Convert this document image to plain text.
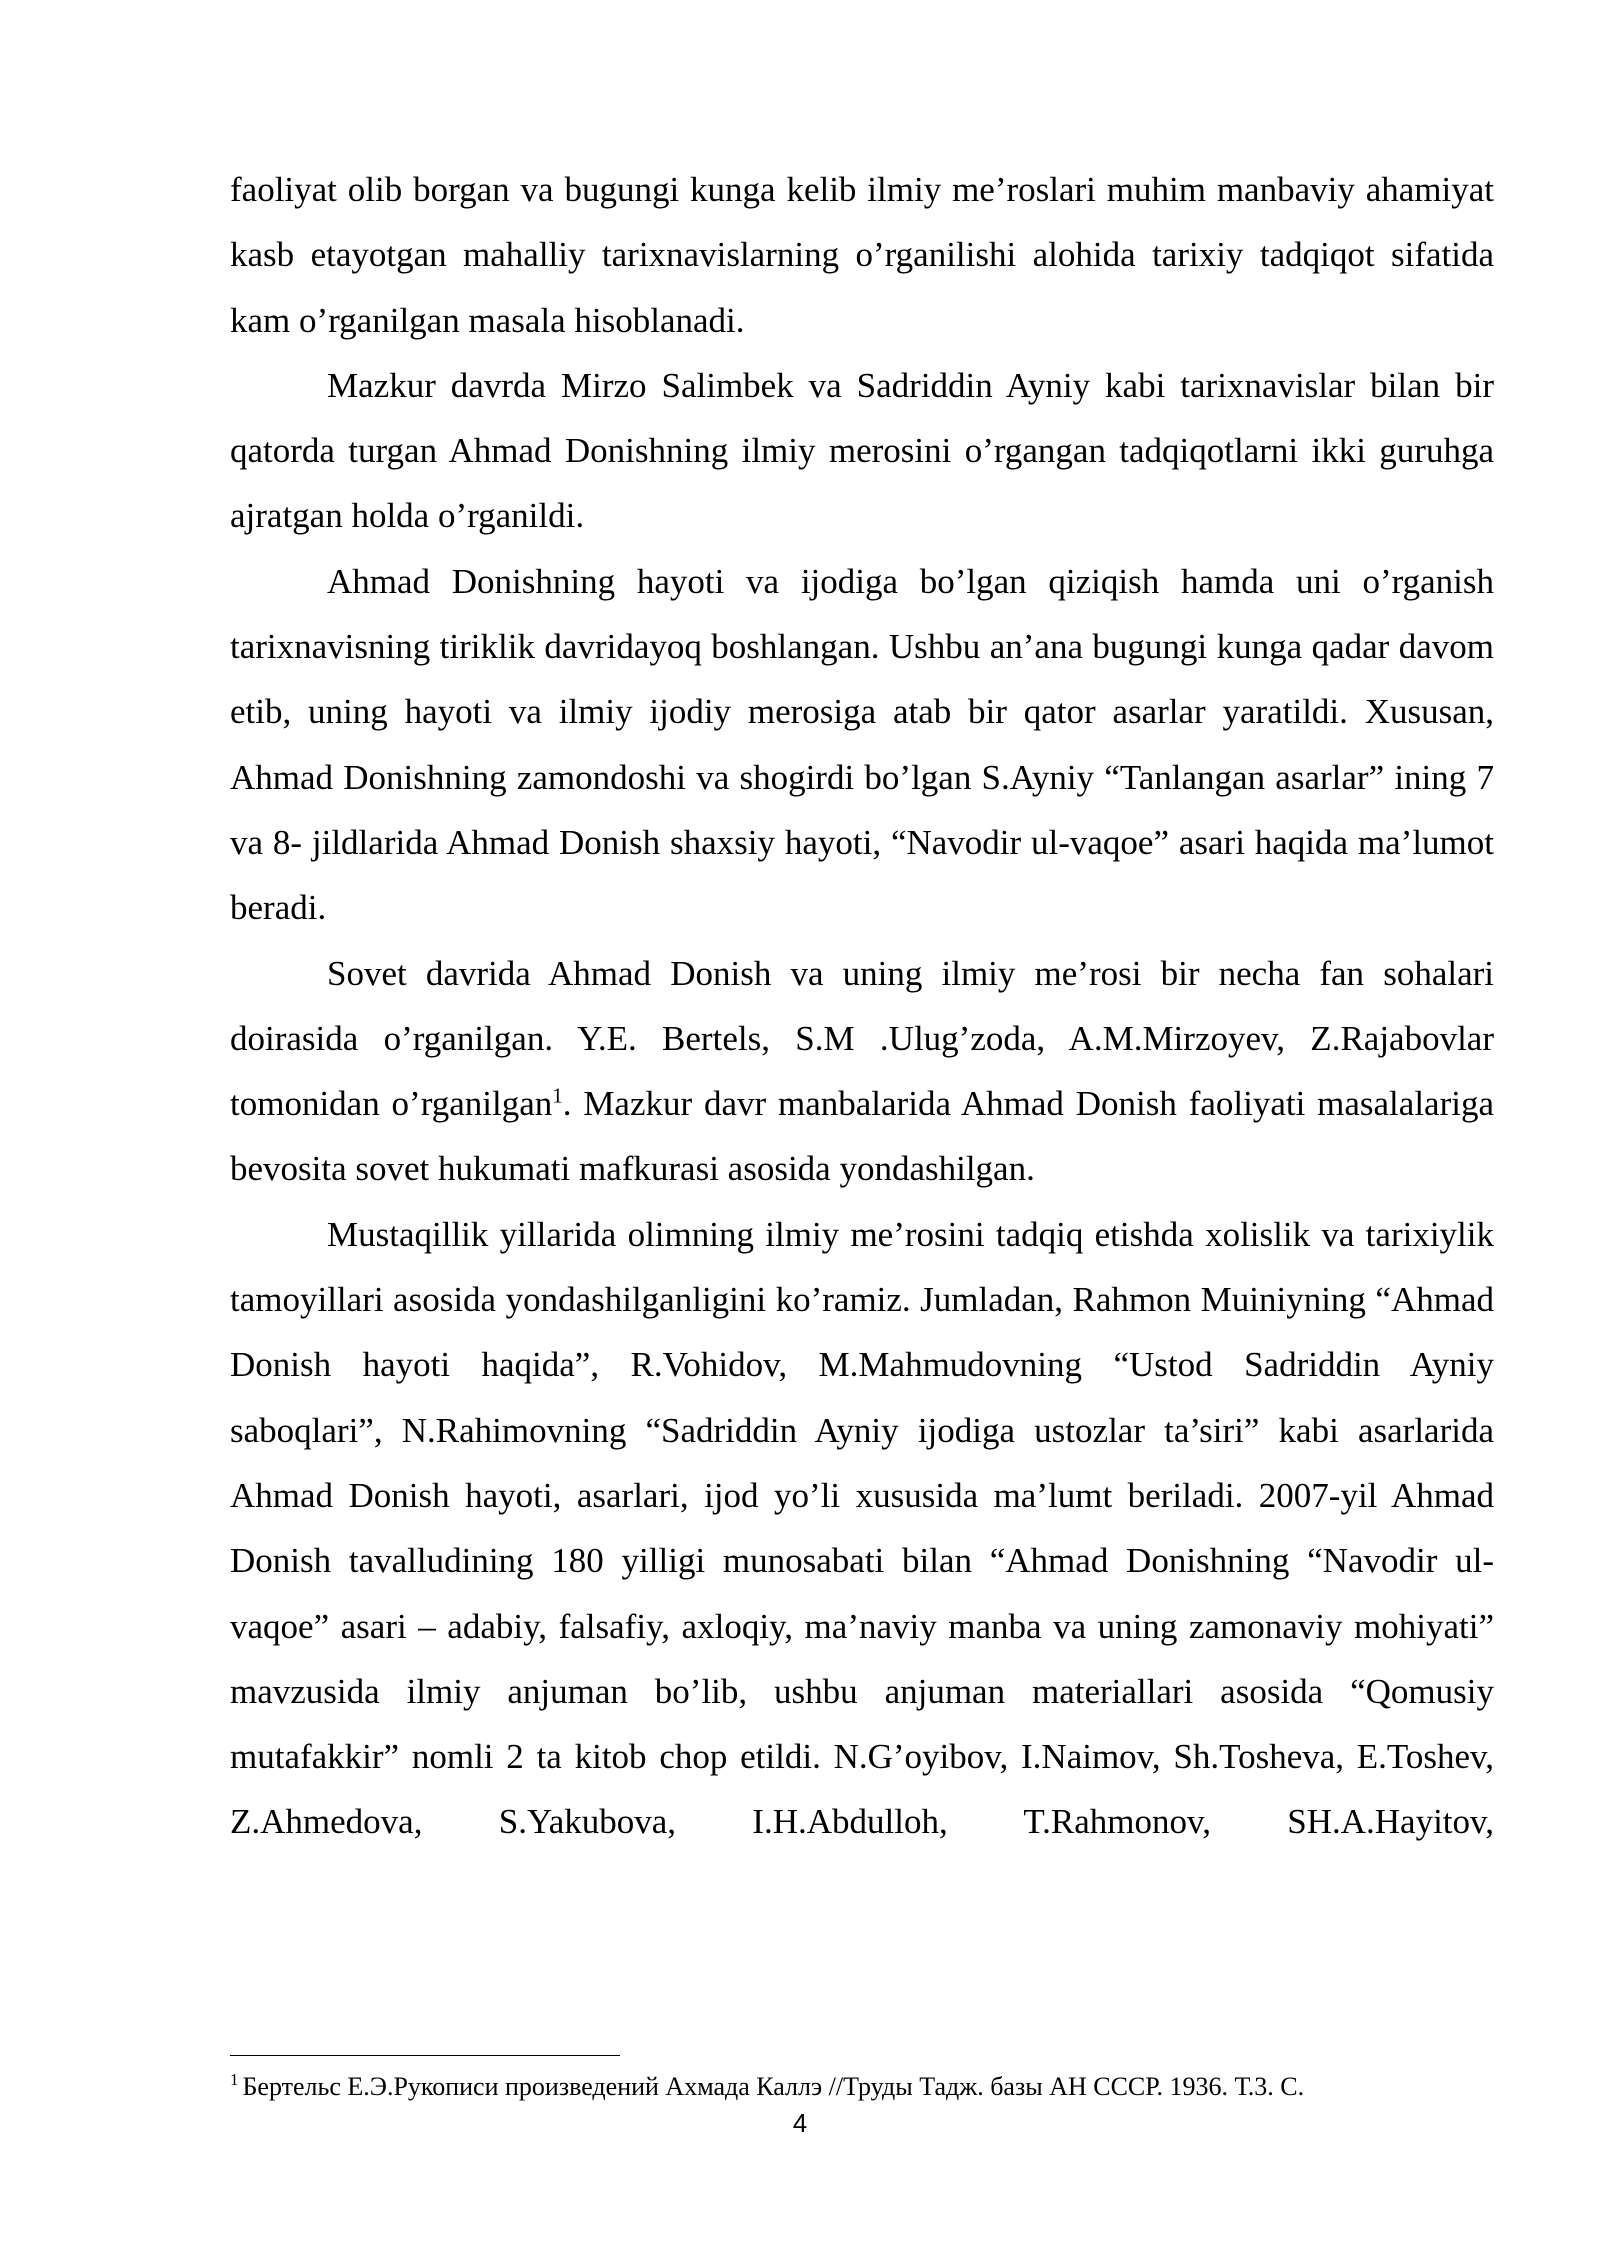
faoliyat olib borgan va bugungi kunga kelib ilmiy me’roslari muhim manbaviy ahamiyat kasb etayotgan mahalliy tarixnavislarning o’rganilishi alohida tarixiy tadqiqot sifatida kam o’rganilgan masala hisoblanadi.

Mazkur davrda Mirzo Salimbek va Sadriddin Ayniy kabi tarixnavislar bilan bir qatorda turgan Ahmad Donishning ilmiy merosini o’rgangan tadqiqotlarni ikki guruhga ajratgan holda o’rganildi.

Ahmad Donishning hayoti va ijodiga bo’lgan qiziqish hamda uni o’rganish tarixnavisning tiriklik davridayoq boshlangan. Ushbu an’ana bugungi kunga qadar davom etib, uning hayoti va ilmiy ijodiy merosiga atab bir qator asarlar yaratildi. Xususan, Ahmad Donishning zamondoshi va shogirdi bo’lgan S.Ayniy “Tanlangan asarlar” ining 7 va 8- jildlarida Ahmad Donish shaxsiy hayoti, “Navodir ul-vaqoe” asari haqida ma’lumot beradi.

Sovet davrida Ahmad Donish va uning ilmiy me’rosi bir necha fan sohalari doirasida o’rganilgan. Y.E. Bertels, S.M .Ulug’zoda, A.M.Mirzoyev, Z.Rajabovlar tomonidan o’rganilgan$^1$. Mazkur davr manbalarida Ahmad Donish faoliyati masalalariga bevosita sovet hukumati mafkurasi asosida yondashilgan.

Mustaqillik yillarida olimning ilmiy me’rosini tadqiq etishda xolislik va tarixiylik tamoyillari asosida yondashilganligini ko’ramiz. Jumladan, Rahmon Muiniyning “Ahmad Donish hayoti haqida”, R.Vohidov, M.Mahmudovning “Ustod Sadriddin Ayniy saboqlari”, N.Rahimovning “Sadriddin Ayniy ijodiga ustozlar ta’siri” kabi asarlarida Ahmad Donish hayoti, asarlari, ijod yo’li xususida ma’lumt beriladi. 2007-yil Ahmad Donish tavalludining 180 yilligi munosabati bilan “Ahmad Donishning “Navodir ul-vaqoe” asari – adabiy, falsafiy, axloqiy, ma’naviy manba va uning zamonaviy mohiyati” mavzusida ilmiy anjuman bo’lib, ushbu anjuman materiallari asosida “Qomusiy mutafakkir” nomli 2 ta kitob chop etildi. N.G’oyibov, I.Naimov, Sh.Tosheva, E.Toshev, Z.Ahmedova, S.Yakubova, I.H.Abdulloh, T.Rahmonov, SH.A.Hayitov,

$^1$ Бертельс Е.Э.Рукописи произведений Ахмада Каллэ //Труды Тадж. базы АН СССР. 1936. Т.3. С.
4
